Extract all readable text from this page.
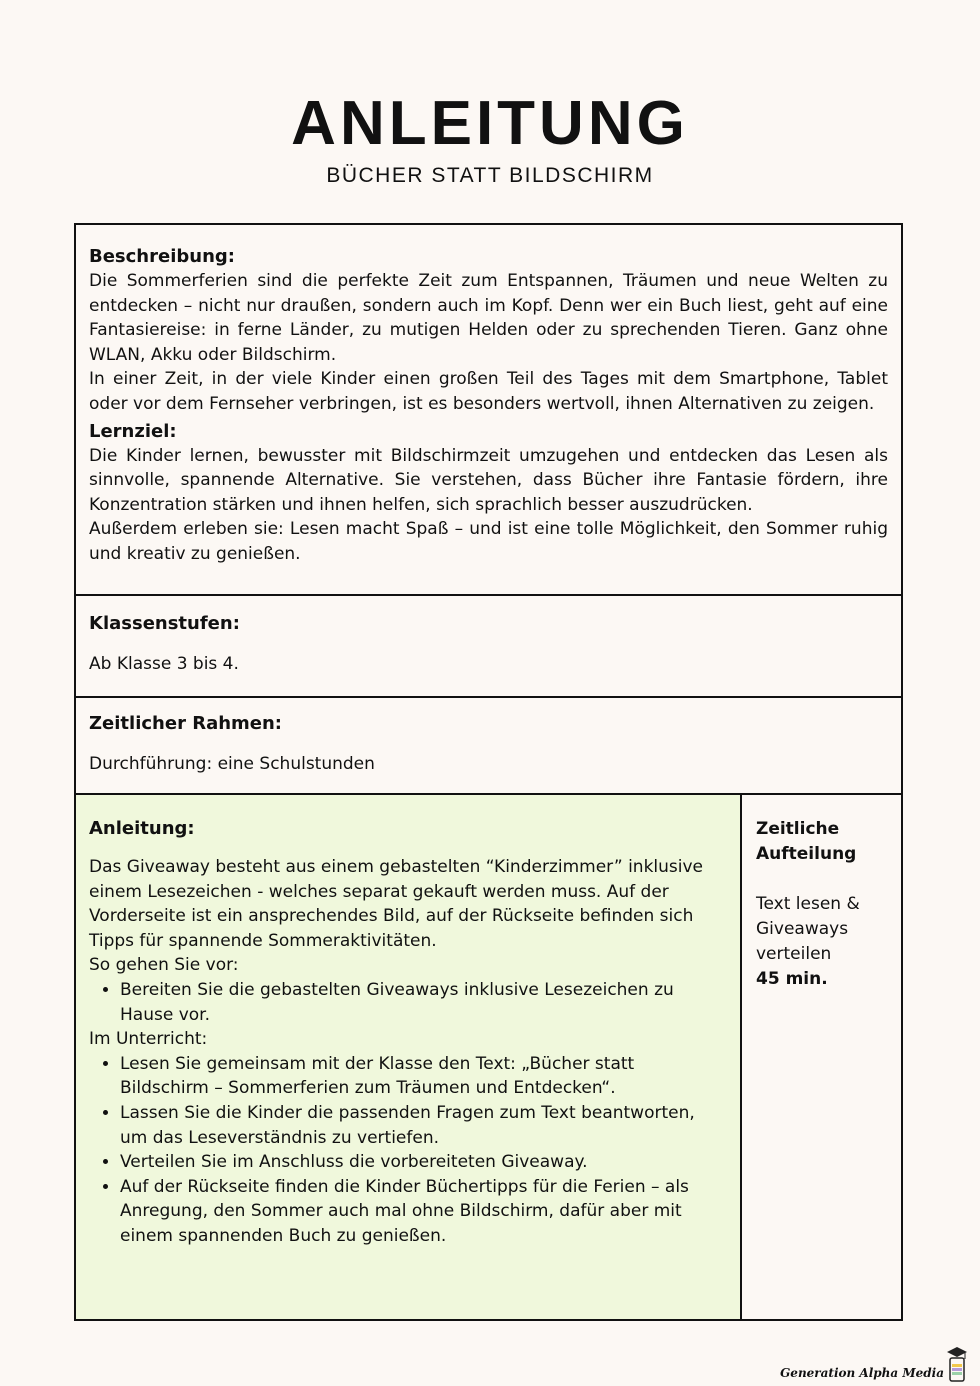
ANLEITUNG
BÜCHER STATT BILDSCHIRM

Beschreibung:

Die Sommerferien sind die perfekte Zeit zum Entspannen, Träumen und neue Welten zu entdecken – nicht nur draußen, sondern auch im Kopf. Denn wer ein Buch liest, geht auf eine Fantasiereise: in ferne Länder, zu mutigen Helden oder zu sprechenden Tieren. Ganz ohne WLAN, Akku oder Bildschirm.

In einer Zeit, in der viele Kinder einen großen Teil des Tages mit dem Smartphone, Tablet oder vor dem Fernseher verbringen, ist es besonders wertvoll, ihnen Alternativen zu zeigen.

Lernziel:

Die Kinder lernen, bewusster mit Bildschirmzeit umzugehen und entdecken das Lesen als sinnvolle, spannende Alternative. Sie verstehen, dass Bücher ihre Fantasie fördern, ihre Konzentration stärken und ihnen helfen, sich sprachlich besser auszudrücken.

Außerdem erleben sie: Lesen macht Spaß – und ist eine tolle Möglichkeit, den Sommer ruhig und kreativ zu genießen.

Klassenstufen:

Ab Klasse 3 bis 4.

Zeitlicher Rahmen:

Durchführung: eine Schulstunden

Anleitung:

Das Giveaway besteht aus einem gebastelten “Kinderzimmer” inklusive einem Lesezeichen - welches separat gekauft werden muss. Auf der Vorderseite ist ein ansprechendes Bild, auf der Rückseite befinden sich Tipps für spannende Sommeraktivitäten.

So gehen Sie vor:

• Bereiten Sie die gebastelten Giveaways inklusive Lesezeichen zu Hause vor.

Im Unterricht:

• Lesen Sie gemeinsam mit der Klasse den Text: „Bücher statt Bildschirm – Sommerferien zum Träumen und Entdecken“.
• Lassen Sie die Kinder die passenden Fragen zum Text beantworten, um das Leseverständnis zu vertiefen.
• Verteilen Sie im Anschluss die vorbereiteten Giveaway.
• Auf der Rückseite finden die Kinder Büchertipps für die Ferien – als Anregung, den Sommer auch mal ohne Bildschirm, dafür aber mit einem spannenden Buch zu genießen.
Zeitliche Aufteilung
Text lesen & Giveaways verteilen
45 min.
Generation Alpha Media
